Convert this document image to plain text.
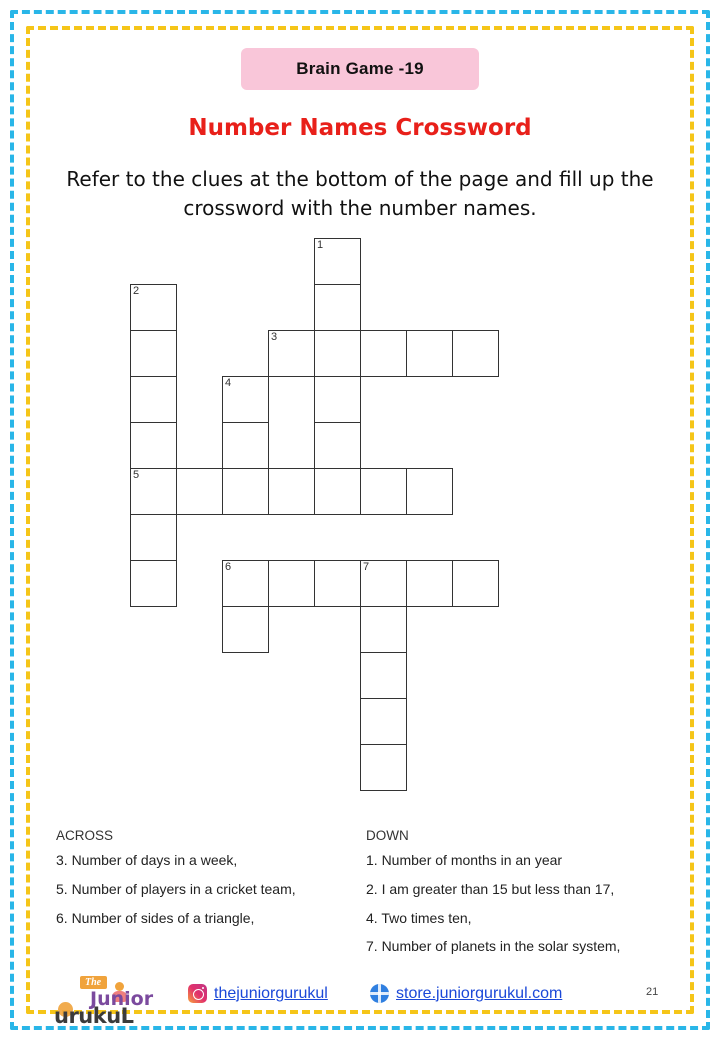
Brain Game -19
Number Names Crossword
Refer to the clues at the bottom of the page and fill up the crossword with the number names.
1
2
5
3
4
6	7
ACROSS
3. Number of days in a week,
5. Number of players in a cricket team,
6. Number of sides of a triangle,
DOWN
1. Number of months in an year
2. I am greater than 15 but less than 17,
4. Two times ten,
7. Number of planets in the solar system,
The
Junior
urukuL
thejuniorgurukul	store.juniorgurukul.com	21
